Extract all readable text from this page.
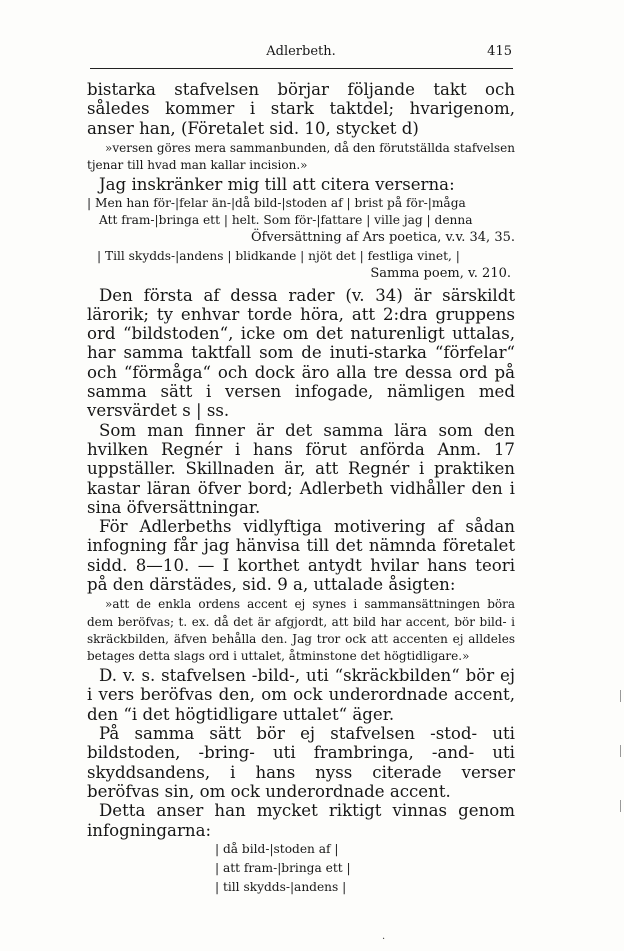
Adlerbeth.	415

bistarka stafvelsen börjar följande takt och således kommer i stark taktdel; hvarigenom, anser han, (Företalet sid. 10, stycket d)

»versen göres mera sammanbunden, då den förutställda stafvelsen tjenar till hvad man kallar incision.»

Jag inskränker mig till att citera verserna:

| Men han för-|felar än-|då bild-|stoden af | brist på för-|måga

Att fram-|bringa ett | helt. Som för-|fattare | ville jag | denna

Öfversättning af Ars poetica, v.v. 34, 35.

| Till skydds-|andens | blidkande | njöt det | festliga vinet, |

Samma poem, v. 210.

Den första af dessa rader (v. 34) är särskildt lärorik; ty enhvar torde höra, att 2:dra gruppens ord “bildstoden“, icke om det naturenligt uttalas, har samma taktfall som de inuti-starka “förfelar“ och “förmåga“ och dock äro alla tre dessa ord på samma sätt i versen infogade, nämligen med versvärdet s | ss.

Som man finner är det samma lära som den hvilken Regnér i hans förut anförda Anm. 17 uppställer. Skillnaden är, att Regnér i praktiken kastar läran öfver bord; Adlerbeth vidhåller den i sina öfversättningar.

För Adlerbeths vidlyftiga motivering af sådan infogning får jag hänvisa till det nämnda företalet sidd. 8—10. — I korthet antydt hvilar hans teori på den därstädes, sid. 9 a, uttalade åsigten:

»att de enkla ordens accent ej synes i sammansättningen böra dem beröfvas; t. ex. då det är afgjordt, att bild har accent, bör bild- i skräckbilden, äfven behålla den. Jag tror ock att accenten ej alldeles betages detta slags ord i uttalet, åtminstone det högtidligare.»

D. v. s. stafvelsen -bild-, uti “skräckbilden“ bör ej i vers beröfvas den, om ock underordnade accent, den “i det högtidligare uttalet“ äger.

På samma sätt bör ej stafvelsen -stod- uti bildstoden, -bring- uti frambringa, -and- uti skyddsandens, i hans nyss citerade verser beröfvas sin, om ock underordnade accent.

Detta anser han mycket riktigt vinnas genom infogningarna:

| då bild-|stoden af |

| att fram-|bringa ett |

| till skydds-|andens |

·
